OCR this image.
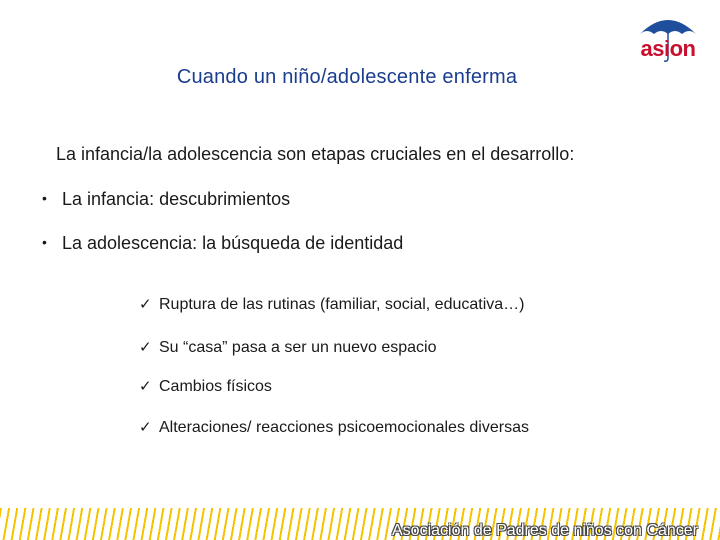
asion
Cuando un niño/adolescente enferma
La infancia/la adolescencia son etapas cruciales en el desarrollo:
• La infancia: descubrimientos
• La adolescencia: la búsqueda de identidad
✓ Ruptura de las rutinas (familiar, social, educativa…)
✓ Su “casa” pasa a ser un nuevo espacio
✓ Cambios físicos
✓ Alteraciones/ reacciones psicoemocionales diversas
Asociación de Padres de niños con Cáncer
